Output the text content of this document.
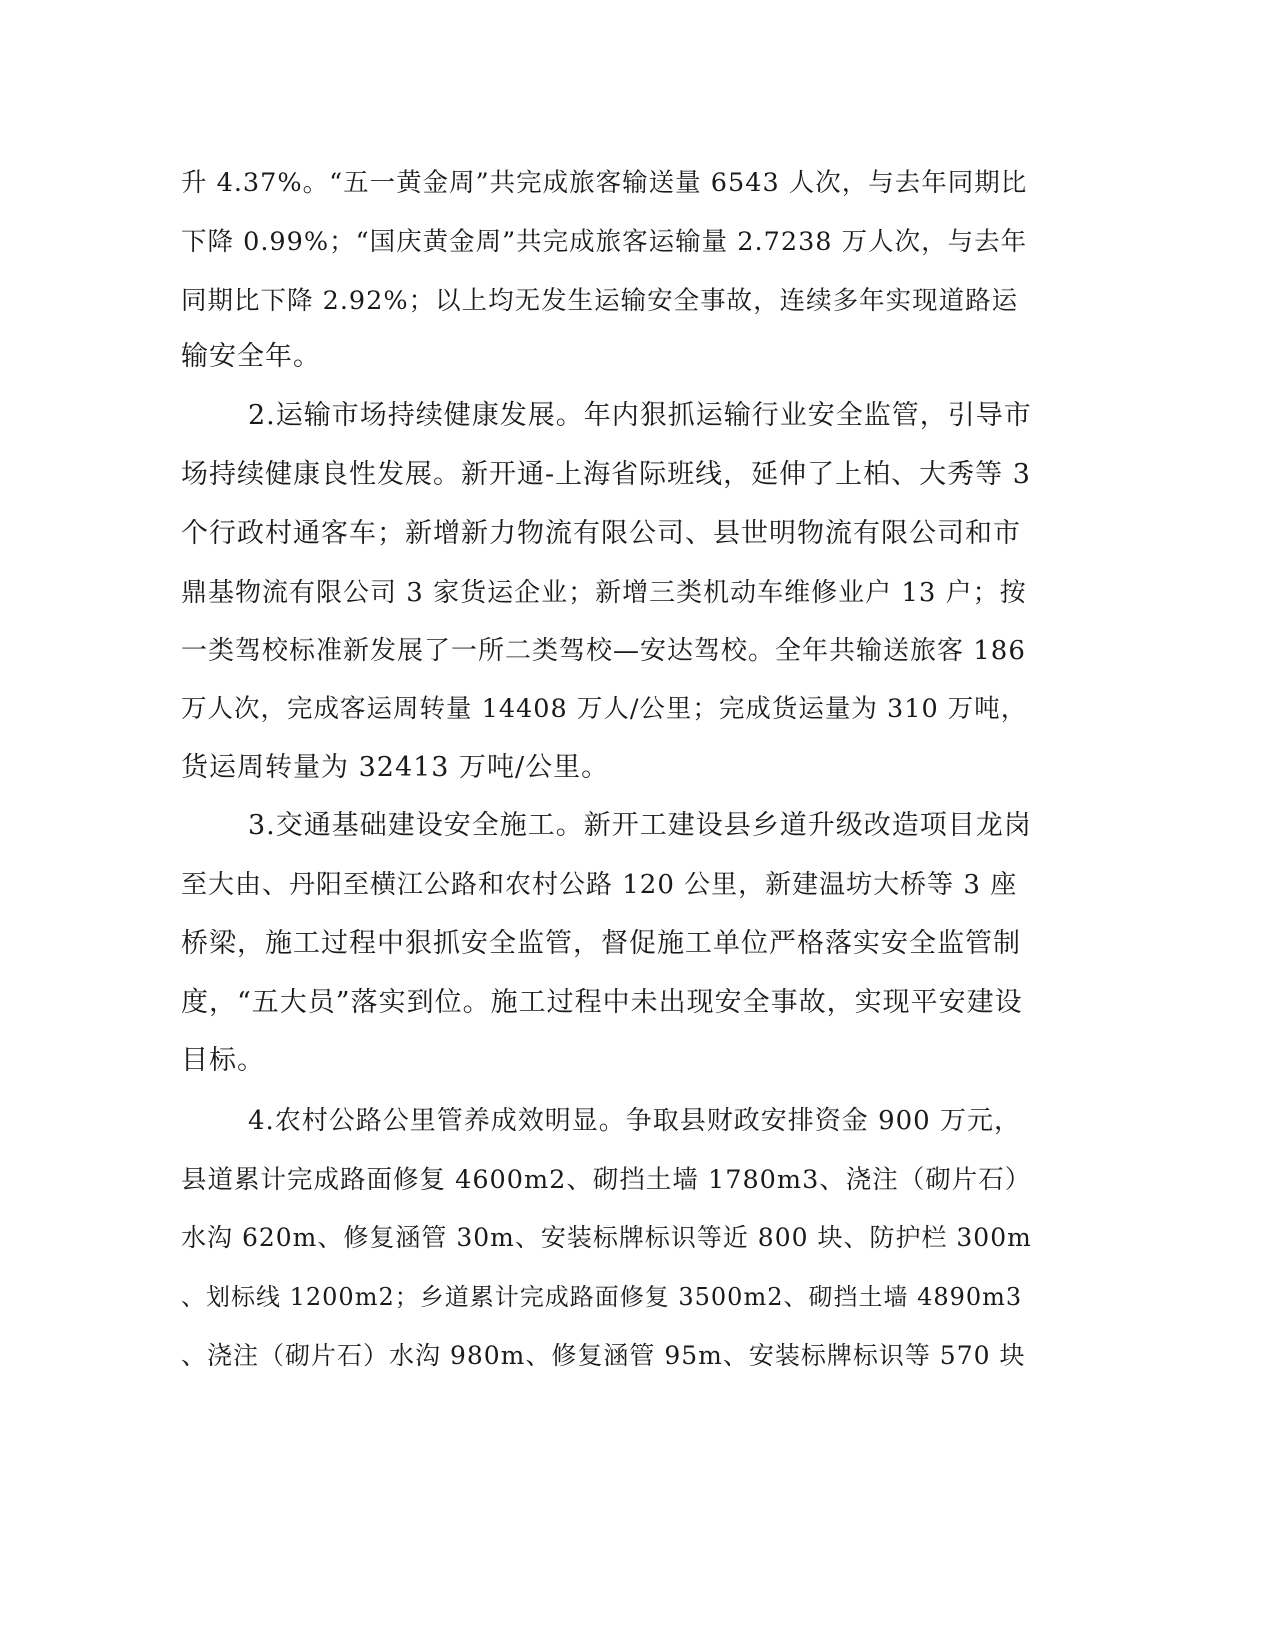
升 4.37%。“五一黄金周”共完成旅客输送量 6543 人次，与去年同期比
下降 0.99%；“国庆黄金周”共完成旅客运输量 2.7238 万人次，与去年
同期比下降 2.92%；以上均无发生运输安全事故，连续多年实现道路运
输安全年。
2.运输市场持续健康发展。年内狠抓运输行业安全监管，引导市
场持续健康良性发展。新开通-上海省际班线，延伸了上柏、大秀等 3
个行政村通客车；新增新力物流有限公司、县世明物流有限公司和市
鼎基物流有限公司 3 家货运企业；新增三类机动车维修业户 13 户；按
一类驾校标准新发展了一所二类驾校—安达驾校。全年共输送旅客 186
万人次，完成客运周转量 14408 万人/公里；完成货运量为 310 万吨，
货运周转量为 32413 万吨/公里。
3.交通基础建设安全施工。新开工建设县乡道升级改造项目龙岗
至大由、丹阳至横江公路和农村公路 120 公里，新建温坊大桥等 3 座
桥梁，施工过程中狠抓安全监管，督促施工单位严格落实安全监管制
度，“五大员”落实到位。施工过程中未出现安全事故，实现平安建设
目标。
4.农村公路公里管养成效明显。争取县财政安排资金 900 万元，
县道累计完成路面修复 4600m2、砌挡土墙 1780m3、浇注（砌片石）
水沟 620m、修复涵管 30m、安装标牌标识等近 800 块、防护栏 300m
、划标线 1200m2；乡道累计完成路面修复 3500m2、砌挡土墙 4890m3
、浇注（砌片石）水沟 980m、修复涵管 95m、安装标牌标识等 570 块
